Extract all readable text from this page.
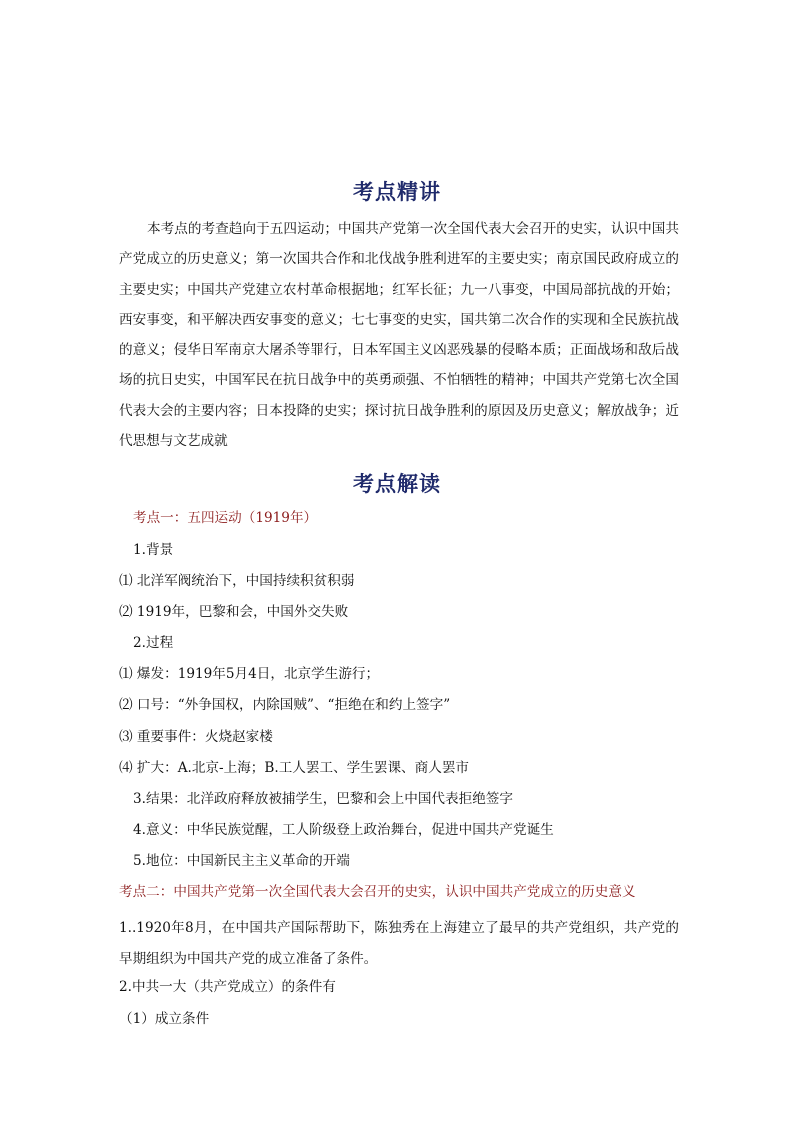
考点精讲

本考点的考查趋向于五四运动；中国共产党第一次全国代表大会召开的史实，认识中国共产党成立的历史意义；第一次国共合作和北伐战争胜利进军的主要史实；南京国民政府成立的主要史实；中国共产党建立农村革命根据地；红军长征；九一八事变，中国局部抗战的开始；西安事变，和平解决西安事变的意义；七七事变的史实，国共第二次合作的实现和全民族抗战的意义；侵华日军南京大屠杀等罪行，日本军国主义凶恶残暴的侵略本质；正面战场和敌后战场的抗日史实，中国军民在抗日战争中的英勇顽强、不怕牺牲的精神；中国共产党第七次全国代表大会的主要内容；日本投降的史实；探讨抗日战争胜利的原因及历史意义；解放战争；近代思想与文艺成就

考点解读

考点一：五四运动（1919年）

1.背景

⑴ 北洋军阀统治下，中国持续积贫积弱

⑵ 1919年，巴黎和会，中国外交失败

2.过程

⑴ 爆发：1919年5月4日，北京学生游行；

⑵ 口号：“外争国权，内除国贼”、“拒绝在和约上签字”

⑶ 重要事件：火烧赵家楼

⑷ 扩大：A.北京-上海；B.工人罢工、学生罢课、商人罢市

3.结果：北洋政府释放被捕学生，巴黎和会上中国代表拒绝签字

4.意义：中华民族觉醒，工人阶级登上政治舞台，促进中国共产党诞生

5.地位：中国新民主主义革命的开端

考点二：中国共产党第一次全国代表大会召开的史实，认识中国共产党成立的历史意义

1..1920年8月，在中国共产国际帮助下，陈独秀在上海建立了最早的共产党组织，共产党的早期组织为中国共产党的成立准备了条件。

2.中共一大（共产党成立）的条件有

（1）成立条件
